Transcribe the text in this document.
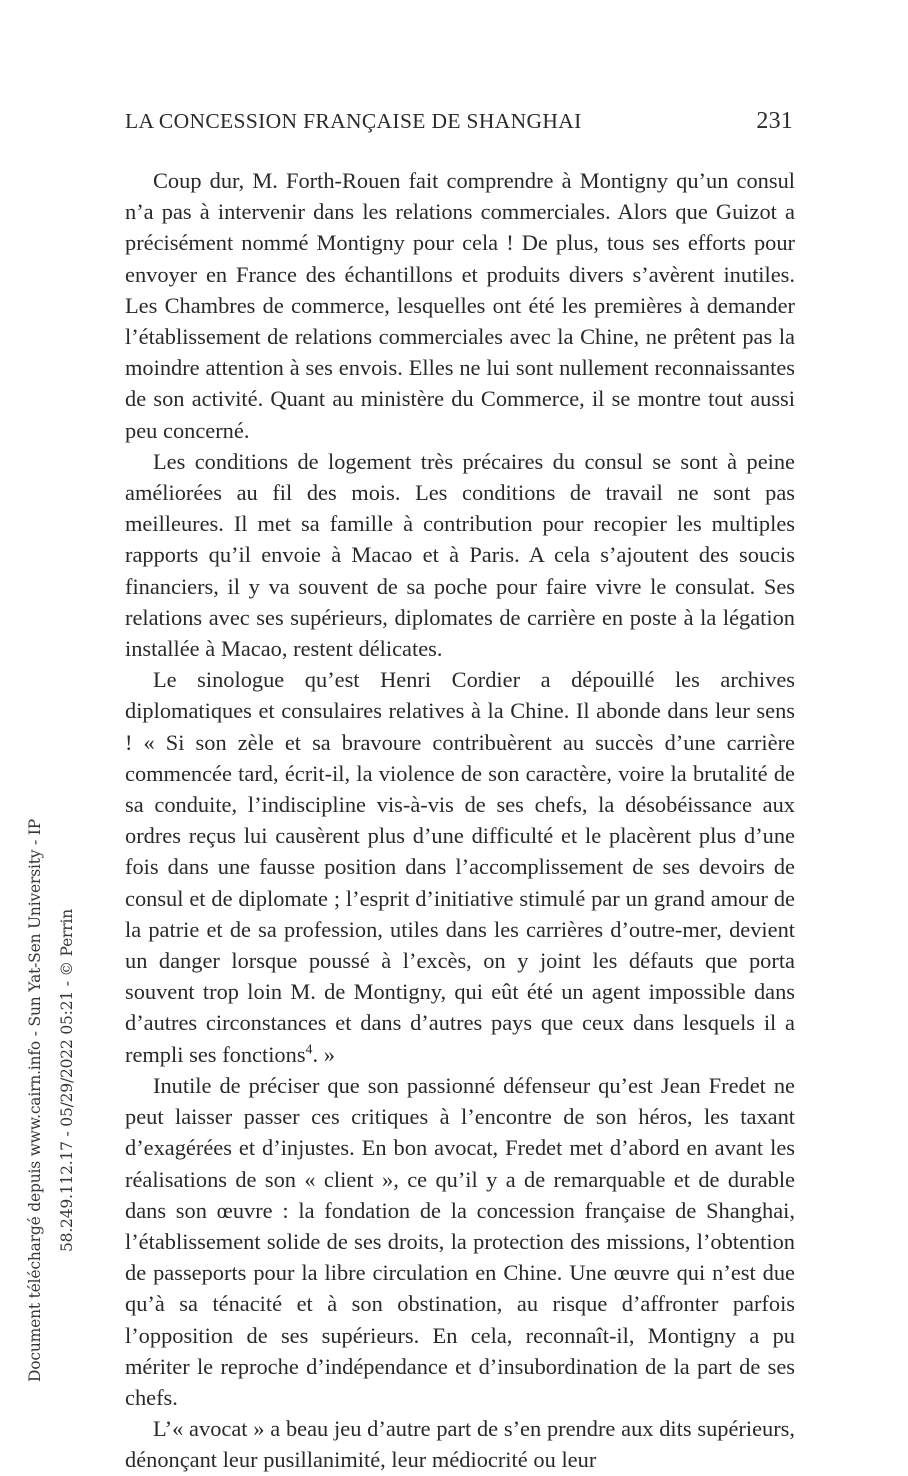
LA CONCESSION FRANÇAISE DE SHANGHAI	231

Coup dur, M. Forth-Rouen fait comprendre à Montigny qu’un consul n’a pas à intervenir dans les relations commerciales. Alors que Guizot a précisément nommé Montigny pour cela ! De plus, tous ses efforts pour envoyer en France des échantillons et produits divers s’avèrent inutiles. Les Chambres de commerce, lesquelles ont été les premières à demander l’établissement de relations commerciales avec la Chine, ne prêtent pas la moindre attention à ses envois. Elles ne lui sont nullement reconnaissantes de son activité. Quant au ministère du Commerce, il se montre tout aussi peu concerné.

Les conditions de logement très précaires du consul se sont à peine améliorées au fil des mois. Les conditions de travail ne sont pas meilleures. Il met sa famille à contribution pour recopier les multiples rapports qu’il envoie à Macao et à Paris. A cela s’ajoutent des soucis financiers, il y va souvent de sa poche pour faire vivre le consulat. Ses relations avec ses supérieurs, diplomates de carrière en poste à la légation installée à Macao, restent délicates.

Le sinologue qu’est Henri Cordier a dépouillé les archives diplomatiques et consulaires relatives à la Chine. Il abonde dans leur sens ! « Si son zèle et sa bravoure contribuèrent au succès d’une carrière commencée tard, écrit-il, la violence de son caractère, voire la brutalité de sa conduite, l’indiscipline vis-à-vis de ses chefs, la désobéissance aux ordres reçus lui causèrent plus d’une difficulté et le placèrent plus d’une fois dans une fausse position dans l’accomplissement de ses devoirs de consul et de diplomate ; l’esprit d’initiative stimulé par un grand amour de la patrie et de sa profession, utiles dans les carrières d’outre-mer, devient un danger lorsque poussé à l’excès, on y joint les défauts que porta souvent trop loin M. de Montigny, qui eût été un agent impossible dans d’autres circonstances et dans d’autres pays que ceux dans lesquels il a rempli ses fonctions$^4$. »

Inutile de préciser que son passionné défenseur qu’est Jean Fredet ne peut laisser passer ces critiques à l’encontre de son héros, les taxant d’exagérées et d’injustes. En bon avocat, Fredet met d’abord en avant les réalisations de son « client », ce qu’il y a de remarquable et de durable dans son œuvre : la fondation de la concession française de Shanghai, l’établissement solide de ses droits, la protection des missions, l’obtention de passeports pour la libre circulation en Chine. Une œuvre qui n’est due qu’à sa ténacité et à son obstination, au risque d’affronter parfois l’opposition de ses supérieurs. En cela, reconnaît-il, Montigny a pu mériter le reproche d’indépendance et d’insubordination de la part de ses chefs.

L’« avocat » a beau jeu d’autre part de s’en prendre aux dits supérieurs, dénonçant leur pusillanimité, leur médiocrité ou leur

Document téléchargé depuis www.cairn.info - Sun Yat-Sen University - IP 58.249.112.17 - 05/29/2022 05:21 - © Perrin
